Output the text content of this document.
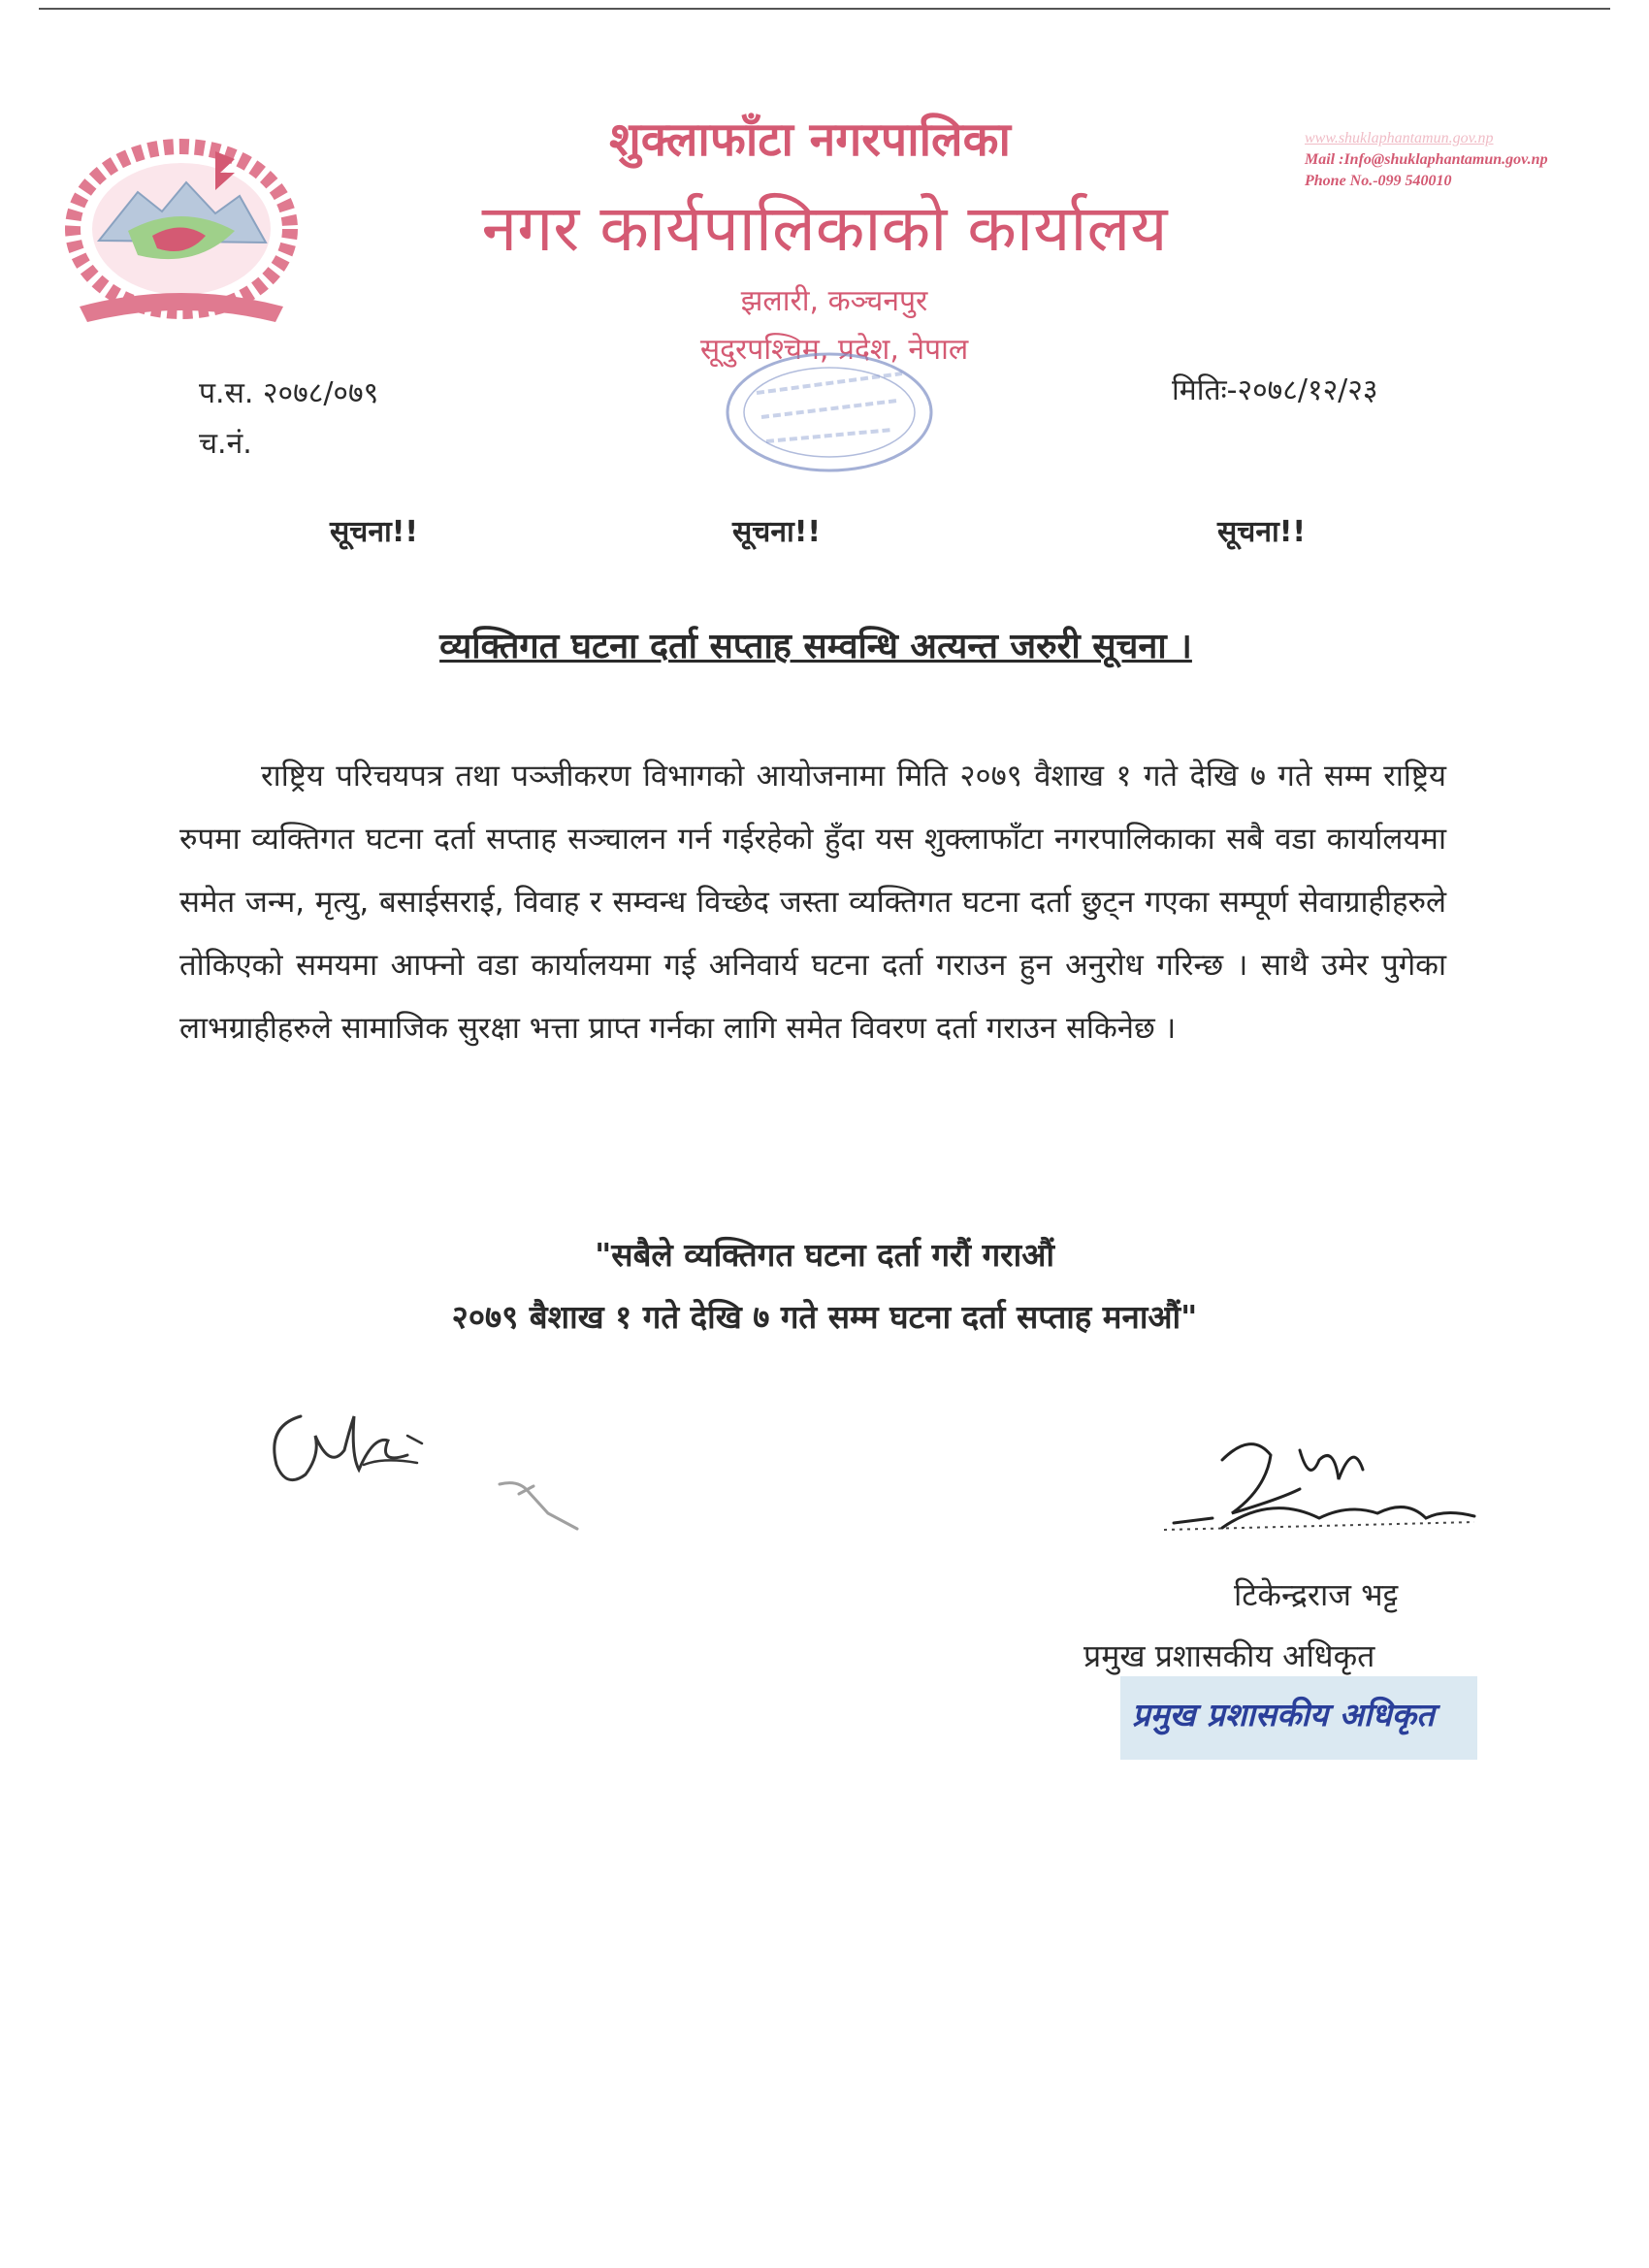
शुक्लाफाँटा नगरपालिका
नगर कार्यपालिकाको कार्यालय
झलारी, कञ्चनपुर
सूदुरपश्चिम, प्रदेश, नेपाल
www.shuklaphantamun.gov.np
Mail :Info@shuklaphantamun.gov.np
Phone No.-099 540010
प.स. २०७८/०७९
च.नं.
मितिः-२०७८/१२/२३
सूचना!!	सूचना!!	सूचना!!
व्यक्तिगत घटना दर्ता सप्ताह सम्वन्धि अत्यन्त जरुरी सूचना ।
राष्ट्रिय परिचयपत्र तथा पञ्जीकरण विभागको आयोजनामा मिति २०७९ वैशाख १ गते देखि ७ गते सम्म राष्ट्रिय रुपमा व्यक्तिगत घटना दर्ता सप्ताह सञ्चालन गर्न गईरहेको हुँदा यस शुक्लाफाँटा नगरपालिकाका सबै वडा कार्यालयमा समेत जन्म, मृत्यु, बसाईसराई, विवाह र सम्वन्ध विच्छेद जस्ता व्यक्तिगत घटना दर्ता छुट्न गएका सम्पूर्ण सेवाग्राहीहरुले तोकिएको समयमा आफ्नो वडा कार्यालयमा गई अनिवार्य घटना दर्ता गराउन हुन अनुरोध गरिन्छ । साथै उमेर पुगेका लाभग्राहीहरुले सामाजिक सुरक्षा भत्ता प्राप्त गर्नका लागि समेत विवरण दर्ता गराउन सकिनेछ ।
"सबैले व्यक्तिगत घटना दर्ता गरौं गराऔं
२०७९ बैशाख १ गते देखि ७ गते सम्म घटना दर्ता सप्ताह मनाऔं"
टिकेन्द्रराज भट्ट
प्रमुख प्रशासकीय अधिकृत
प्रमुख प्रशासकीय अधिकृत
